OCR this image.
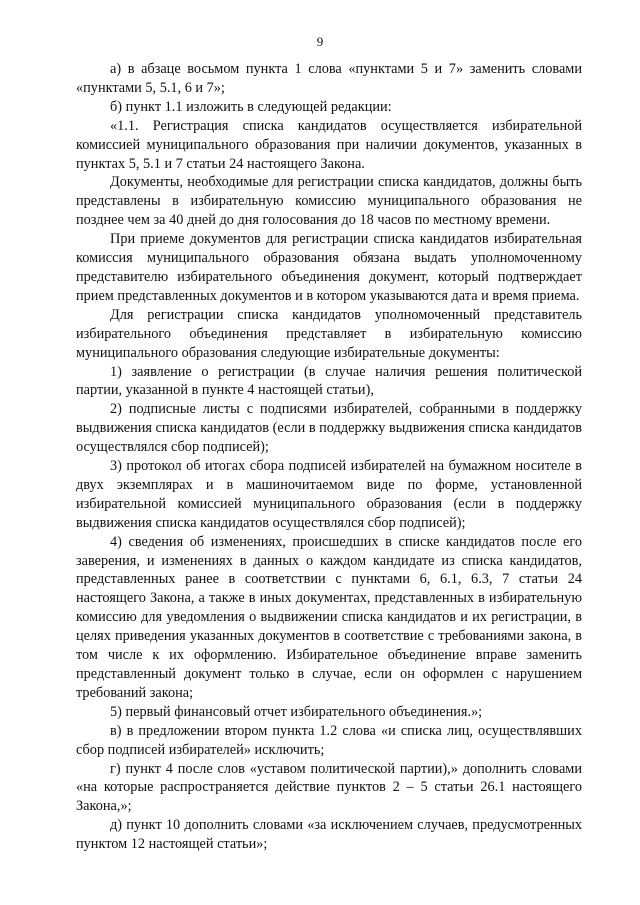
9

а) в абзаце восьмом пункта 1 слова «пунктами 5 и 7» заменить словами «пунктами 5, 5.1, 6 и 7»;

б) пункт 1.1 изложить в следующей редакции:

«1.1. Регистрация списка кандидатов осуществляется избирательной комиссией муниципального образования при наличии документов, указанных в пунктах 5, 5.1 и 7 статьи 24 настоящего Закона.

Документы, необходимые для регистрации списка кандидатов, должны быть представлены в избирательную комиссию муниципального образования не позднее чем за 40 дней до дня голосования до 18 часов по местному времени.

При приеме документов для регистрации списка кандидатов избирательная комиссия муниципального образования обязана выдать уполномоченному представителю избирательного объединения документ, который подтверждает прием представленных документов и в котором указываются дата и время приема.

Для регистрации списка кандидатов уполномоченный представитель избирательного объединения представляет в избирательную комиссию муниципального образования следующие избирательные документы:

1) заявление о регистрации (в случае наличия решения политической партии, указанной в пункте 4 настоящей статьи),

2) подписные листы с подписями избирателей, собранными в поддержку выдвижения списка кандидатов (если в поддержку выдвижения списка кандидатов осуществлялся сбор подписей);

3) протокол об итогах сбора подписей избирателей на бумажном носителе в двух экземплярах и в машиночитаемом виде по форме, установленной избирательной комиссией муниципального образования (если в поддержку выдвижения списка кандидатов осуществлялся сбор подписей);

4) сведения об изменениях, происшедших в списке кандидатов после его заверения, и изменениях в данных о каждом кандидате из списка кандидатов, представленных ранее в соответствии с пунктами 6, 6.1, 6.3, 7 статьи 24 настоящего Закона, а также в иных документах, представленных в избирательную комиссию для уведомления о выдвижении списка кандидатов и их регистрации, в целях приведения указанных документов в соответствие с требованиями закона, в том числе к их оформлению. Избирательное объединение вправе заменить представленный документ только в случае, если он оформлен с нарушением требований закона;

5) первый финансовый отчет избирательного объединения.»;

в) в предложении втором пункта 1.2 слова «и списка лиц, осуществлявших сбор подписей избирателей» исключить;

г) пункт 4 после слов «уставом политической партии),» дополнить словами «на которые распространяется действие пунктов 2 – 5 статьи 26.1 настоящего Закона,»;

д) пункт 10 дополнить словами «за исключением случаев, предусмотренных пунктом 12 настоящей статьи»;
